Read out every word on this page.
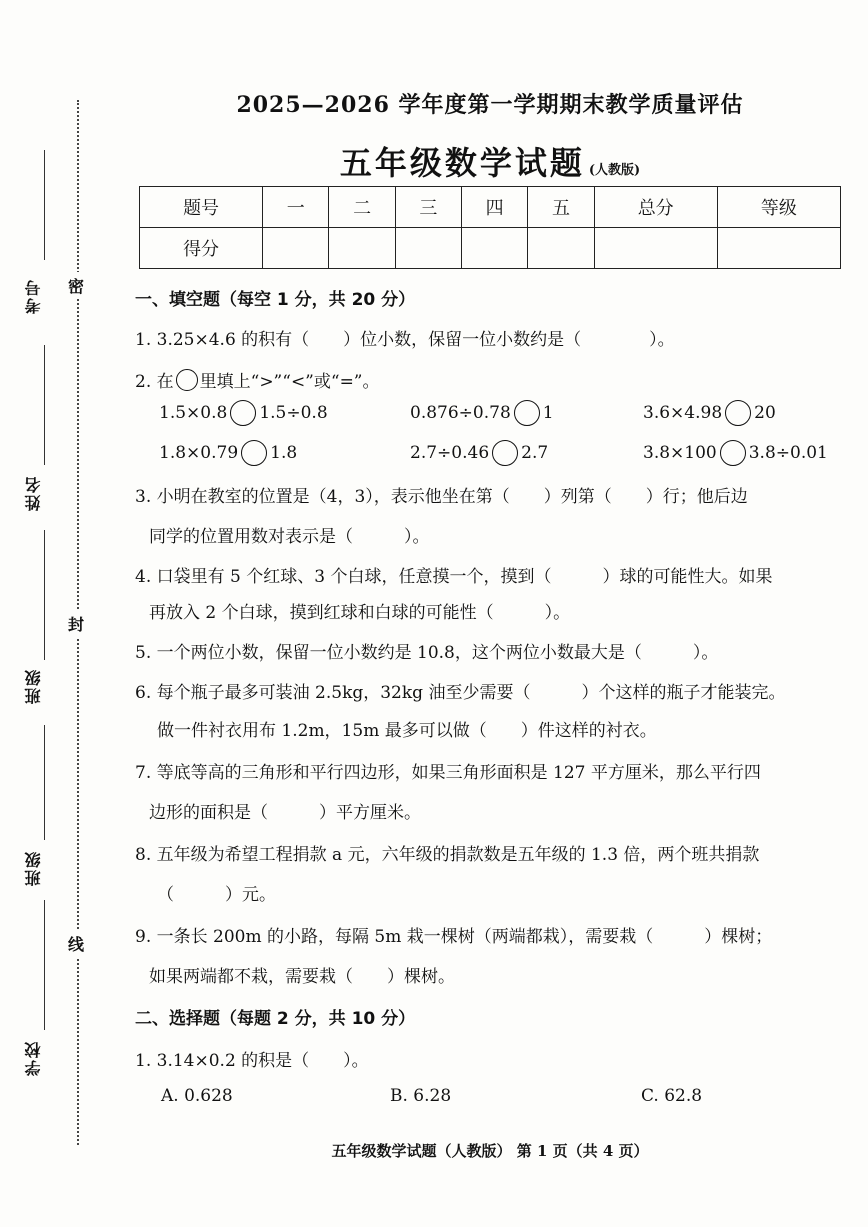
密
封
线
考号
姓名
班级
班级
学校
2025—2026 学年度第一学期期末教学质量评估
五年级数学试题 (人教版)
题号	一	二	三	四	五	总分	等级
得分							
一、填空题（每空 1 分，共 20 分）
1. 3.25×4.6 的积有（　　）位小数，保留一位小数约是（　　　　）。
2. 在 里填上“>”“<”或“=”。
1.5×0.8 1.5÷0.8	0.876÷0.78 1	3.6×4.98 20
1.8×0.79 1.8	2.7÷0.46 2.7	3.8×100 3.8÷0.01
3. 小明在教室的位置是（4，3），表示他坐在第（　　）列第（　　）行；他后边
同学的位置用数对表示是（　　　）。
4. 口袋里有 5 个红球、3 个白球，任意摸一个，摸到（　　　）球的可能性大。如果
再放入 2 个白球，摸到红球和白球的可能性（　　　）。
5. 一个两位小数，保留一位小数约是 10.8，这个两位小数最大是（　　　）。
6. 每个瓶子最多可装油 2.5kg，32kg 油至少需要（　　　）个这样的瓶子才能装完。
做一件衬衣用布 1.2m，15m 最多可以做（　　）件这样的衬衣。
7. 等底等高的三角形和平行四边形，如果三角形面积是 127 平方厘米，那么平行四
边形的面积是（　　　）平方厘米。
8. 五年级为希望工程捐款 a 元，六年级的捐款数是五年级的 1.3 倍，两个班共捐款
（　　　）元。
9. 一条长 200m 的小路，每隔 5m 栽一棵树（两端都栽），需要栽（　　　）棵树；
如果两端都不栽，需要栽（　　）棵树。
二、选择题（每题 2 分，共 10 分）
1. 3.14×0.2 的积是（　　）。
A. 0.628	B. 6.28	C. 62.8
五年级数学试题（人教版） 第 1 页（共 4 页）
